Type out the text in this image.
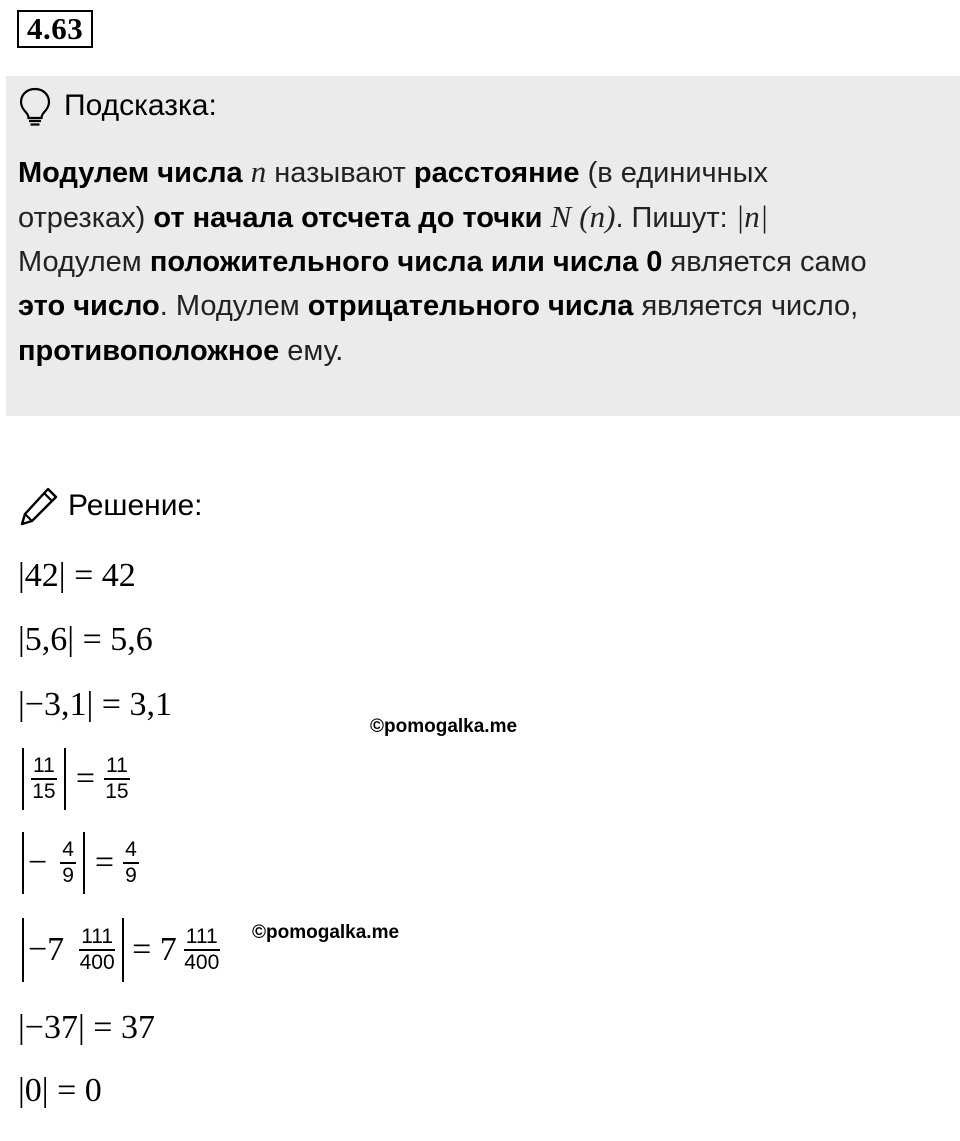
4.63
Подсказка:
Модулем числа n называют расстояние (в единичных
отрезках) от начала отсчета до точки N (n). Пишут: |n|
Модулем положительного числа или числа 0 является само
это число. Модулем отрицательного числа является число,
противоположное ему.
Решение:
|42| = 42
|5,6| = 5,6
|−3,1| = 3,1
©pomogalka.me
$\frac{11}{15} = \frac{11}{15}$
− $\frac{4}{9} = \frac{4}{9}$
$-7 \frac{111}{400} = 7 \frac{111}{400}$ ©pomogalka.me
|−37| = 37
|0| = 0
